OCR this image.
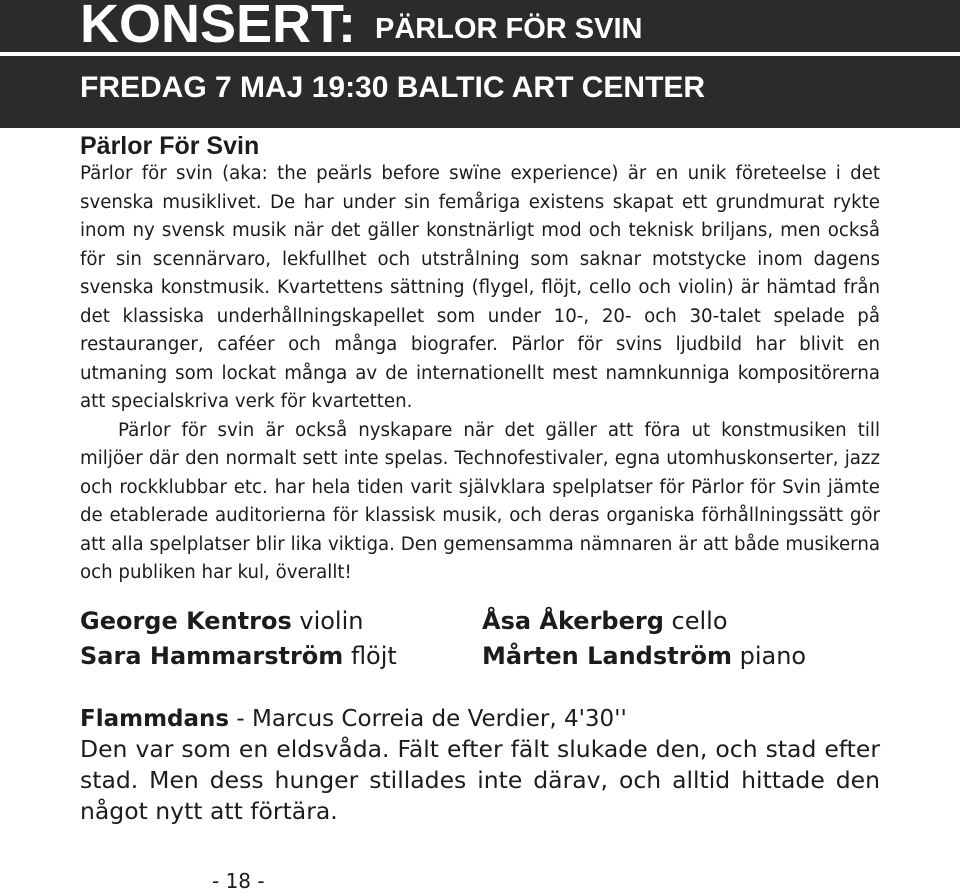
KONSERT: PÄRLOR FÖR SVIN
FREDAG 7 MAJ 19:30 BALTIC ART CENTER
Pärlor För Svin

Pärlor för svin (aka: the peärls before swïne experience) är en unik företeelse i det svenska musiklivet. De har under sin femåriga existens skapat ett grundmurat rykte inom ny svensk musik när det gäller konstnärligt mod och teknisk briljans, men också för sin scennärvaro, lekfullhet och utstrålning som saknar motstycke inom dagens svenska konstmusik. Kvartettens sättning (flygel, flöjt, cello och violin) är hämtad från det klassiska underhållningskapellet som under 10-, 20- och 30-talet spelade på restauranger, caféer och många biografer. Pärlor för svins ljudbild har blivit en utmaning som lockat många av de internationellt mest namnkunniga kompositörerna att specialskriva verk för kvartetten.

Pärlor för svin är också nyskapare när det gäller att föra ut konstmusiken till miljöer där den normalt sett inte spelas. Technofestivaler, egna utomhuskonserter, jazz och rockklubbar etc. har hela tiden varit självklara spelplatser för Pärlor för Svin jämte de etablerade auditorierna för klassisk musik, och deras organiska förhållningssätt gör att alla spelplatser blir lika viktiga. Den gemensamma nämnaren är att både musikerna och publiken har kul, överallt!

George Kentros violin
Sara Hammarström flöjt
Åsa Åkerberg cello
Mårten Landström piano
Flammdans - Marcus Correia de Verdier, 4'30''

Den var som en eldsvåda. Fält efter fält slukade den, och stad efter stad. Men dess hunger stillades inte därav, och alltid hittade den något nytt att förtära.

- 18 -
